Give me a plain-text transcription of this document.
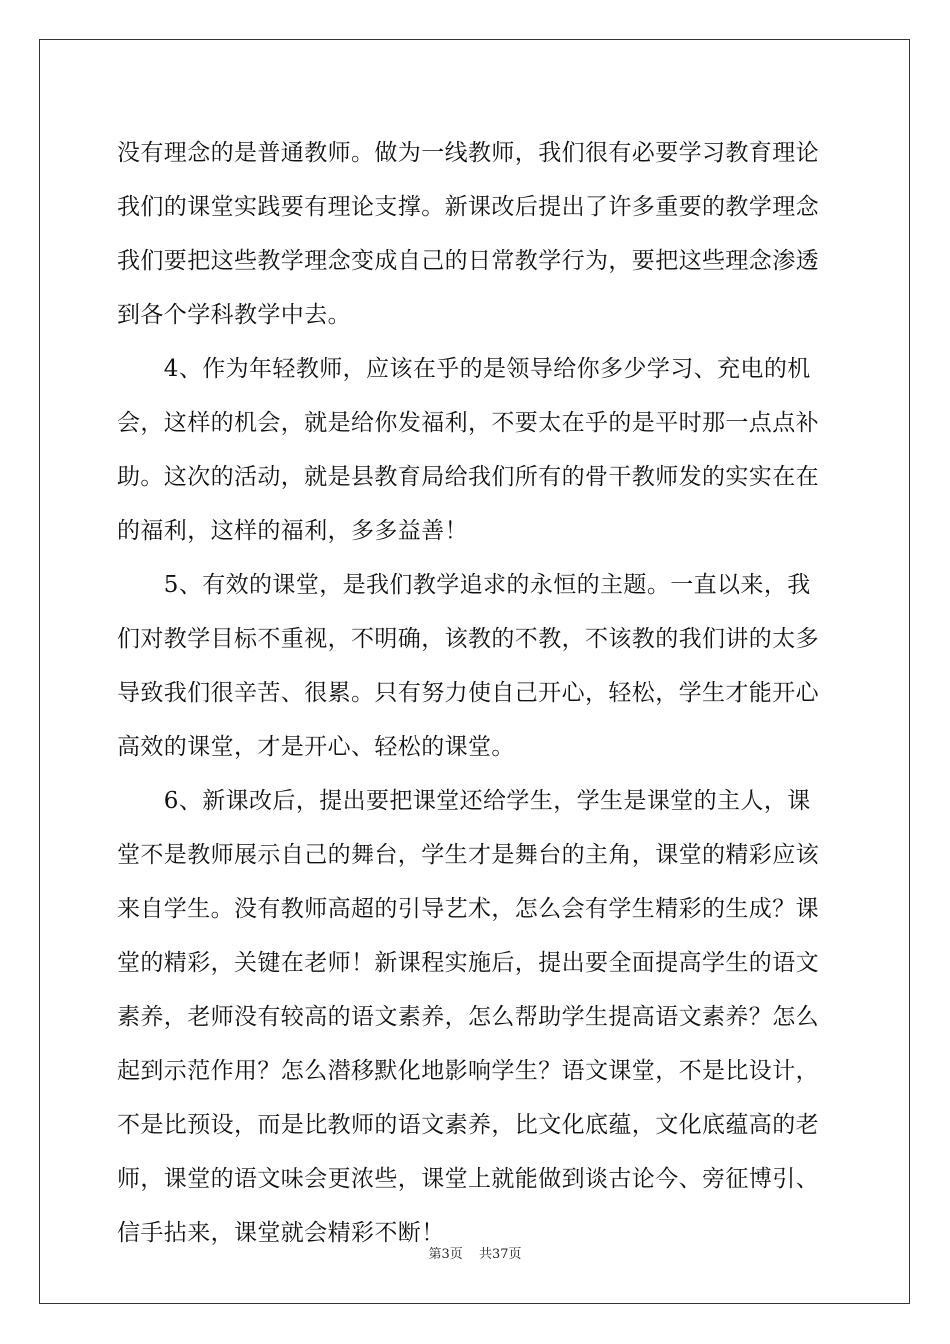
没有理念的是普通教师。做为一线教师，我们很有必要学习教育理论
我们的课堂实践要有理论支撑。新课改后提出了许多重要的教学理念
我们要把这些教学理念变成自己的日常教学行为，要把这些理念渗透
到各个学科教学中去。
　　4、作为年轻教师，应该在乎的是领导给你多少学习、充电的机
会，这样的机会，就是给你发福利，不要太在乎的是平时那一点点补
助。这次的活动，就是县教育局给我们所有的骨干教师发的实实在在
的福利，这样的福利，多多益善！
　　5、有效的课堂，是我们教学追求的永恒的主题。一直以来，我
们对教学目标不重视，不明确，该教的不教，不该教的我们讲的太多
导致我们很辛苦、很累。只有努力使自己开心，轻松，学生才能开心
高效的课堂，才是开心、轻松的课堂。
　　6、新课改后，提出要把课堂还给学生，学生是课堂的主人，课
堂不是教师展示自己的舞台，学生才是舞台的主角，课堂的精彩应该
来自学生。没有教师高超的引导艺术，怎么会有学生精彩的生成？课
堂的精彩，关键在老师！新课程实施后，提出要全面提高学生的语文
素养，老师没有较高的语文素养，怎么帮助学生提高语文素养？怎么
起到示范作用？怎么潜移默化地影响学生？语文课堂，不是比设计，
不是比预设，而是比教师的语文素养，比文化底蕴，文化底蕴高的老
师，课堂的语文味会更浓些，课堂上就能做到谈古论今、旁征博引、
信手拈来，课堂就会精彩不断！
第3页 共37页
